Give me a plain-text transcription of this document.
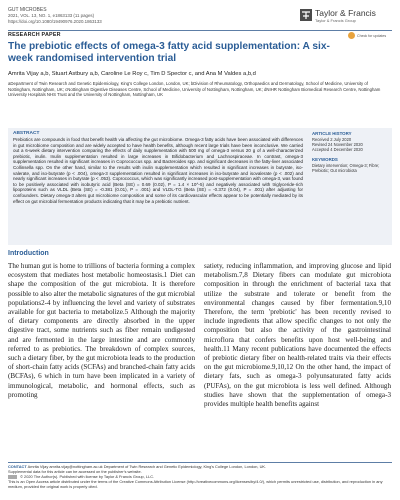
GUT MICROBES
2021, VOL. 13, NO. 1, e1863133 (11 pages)
https://doi.org/10.1080/19490976.2020.1863133
Taylor & Francis
Taylor & Francis Group
RESEARCH PAPER	Check for updates
The prebiotic effects of omega-3 fatty acid supplementation: A six-week randomised intervention trial
Amrita Vijay a,b, Stuart Astbury a,b, Caroline Le Roy c, Tim D Spector c, and Ana M Valdes a,b,d
aDepartment of Twin Research and Genetic Epidemiology, King's College London, London, UK; bDivision of Rheumatology, Orthopaedics and Dermatology, School of Medicine, University of Nottingham, Nottingham, UK; cNottingham Digestive Diseases Centre, School of Medicine, University of Nottingham, Nottingham, UK; dNIHR Nottingham Biomedical Research Centre, Nottingham University Hospitals NHS Trust and the University of Nottingham, Nottingham, UK
ABSTRACT

Prebiotics are compounds in food that benefit health via affecting the gut microbiome. Omega-3 fatty acids have been associated with differences in gut microbiome composition and are widely accepted to have health benefits, although recent large trials have been inconclusive. We carried out a 6-week dietary intervention comparing the effects of daily supplementation with 500 mg of omega-3 versus 20 g of a well-characterized prebiotic, inulin. Inulin supplementation resulted in large increases in Bifidobacterium and Lachnospiraceae. In contrast, omega-3 supplementation resulted in significant increases in Coprococcus spp. and Bacteroides spp. and significant decreases in the fatty-liver associated Collinsella spp. On the other hand, similar to the results with inulin supplementation which resulted in significant increases in butyrate, iso-valerate, and iso-butyrate (p < .004), omega-3 supplementation resulted in significant increases in iso-butyrate and isovalerate (p < .002) and nearly significant increases in butyrate (p < .053). Coprococcus, which was significantly increased post-supplementation with omega-3, was found to be positively associated with isobutyric acid (Beta (SE) = 0.69 (0.02), P = 1.4 × 10^-5) and negatively associated with triglyceride-rich lipoproteins such as VLDL (Beta (SE) = -0.381 (0.01), P = .001) and VLDL-TG (Beta (SE) = -0.372 (0.04), P = .001) after adjusting for confounders. Dietary omega-3 alters gut microbiome composition and some of its cardiovascular effects appear to be potentially mediated by its effect on gut microbial fermentation products indicating that it may be a prebiotic nutrient.

ARTICLE HISTORY
Received 2 July 2020
Revised 24 November 2020
Accepted 4 December 2020
KEYWORDS
Dietary intervention; Omega-3; Fibre; Prebiotic; Gut microbiota
Introduction

The human gut is home to trillions of bacteria forming a complex ecosystem that mediates host metabolic homeostasis.1 Diet can shape the composition of the gut microbiota. It is therefore possible to also alter the metabolic signatures of the gut microbial populations2-4 by influencing the level and variety of substrates available for gut bacteria to metabolize.5 Although the majority of dietary components are directly absorbed in the upper digestive tract, some nutrients such as fiber remain undigested and are fermented in the large intestine and are commonly referred to as prebiotics. The breakdown of complex sources, such a dietary fiber, by the gut microbiota leads to the production of short-chain fatty acids (SCFAs) and branched-chain fatty acids (BCFAs), 6 which in turn have been implicated in a variety of immunological, metabolic, and hormonal effects, such as promoting

satiety, reducing inflammation, and improving glucose and lipid metabolism.7,8 Dietary fibers can modulate gut microbiota composition in through the enrichment of bacterial taxa that utilize the substrate and tolerate or benefit from the environmental changes caused by fiber fermentation.9,10 Therefore, the term 'prebiotic' has been recently revised to include ingredients that allow specific changes to not only the composition but also the activity of the gastrointestinal microflora that confers benefits upon host well-being and health.11 Many recent publications have documented the effects of prebiotic dietary fiber on health-related traits via their effects on the gut microbiome.9,10,12 On the other hand, the impact of dietary fats, such as omega-3 polyunsaturated fatty acids (PUFAs), on the gut microbiota is less well defined. Although studies have shown that the supplementation of omega-3 provides multiple health benefits against

CONTACT Amrita Vijay amrita.vijay@nottingham.ac.uk Department of Twin Research and Genetic Epidemiology, King's College London, London, UK.
Supplemental data for this article can be accessed on the publisher's website.
© 2020 The Author(s). Published with license by Taylor & Francis Group, LLC.
This is an Open Access article distributed under the terms of the Creative Commons Attribution License (http://creativecommons.org/licenses/by/4.0/), which permits unrestricted use, distribution, and reproduction in any medium, provided the original work is properly cited.
